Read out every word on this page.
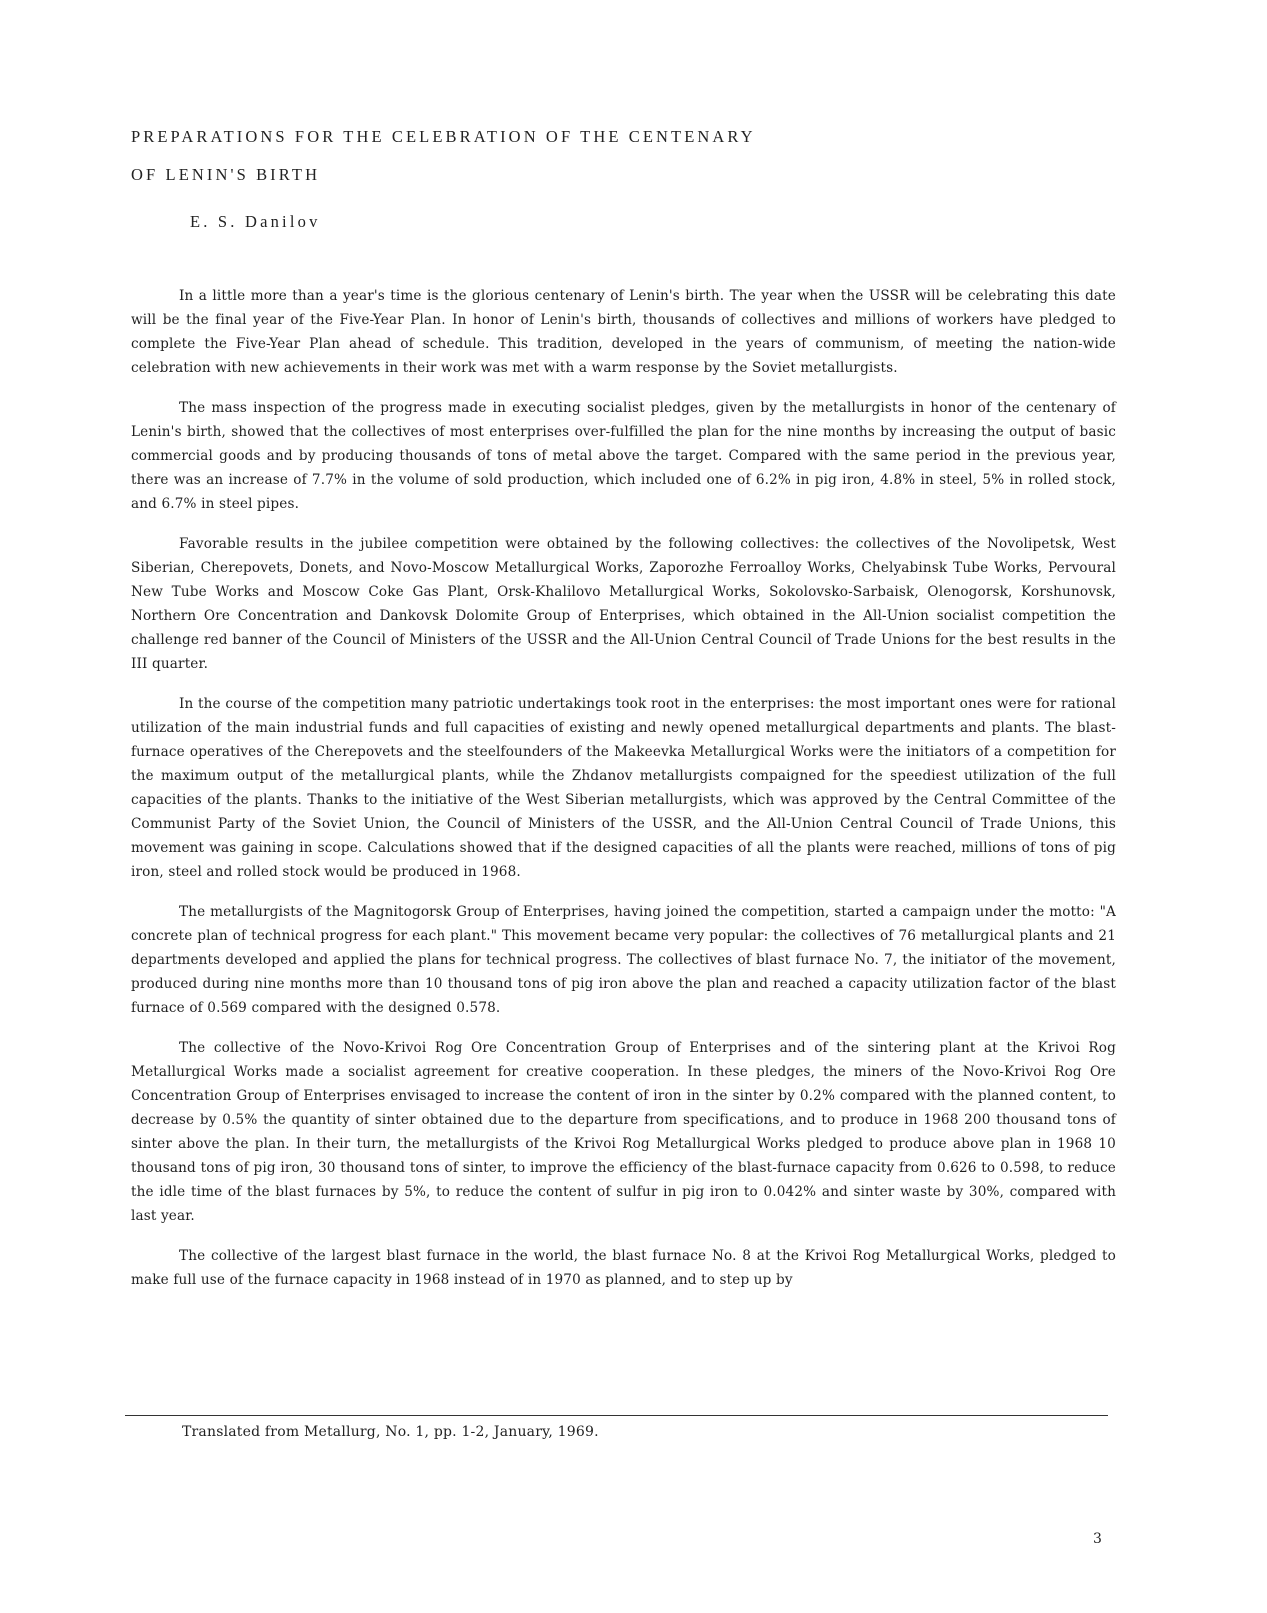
PREPARATIONS FOR THE CELEBRATION OF THE CENTENARY
OF LENIN'S BIRTH
E. S. Danilov

In a little more than a year's time is the glorious centenary of Lenin's birth. The year when the USSR will be celebrating this date will be the final year of the Five-Year Plan. In honor of Lenin's birth, thousands of collectives and millions of workers have pledged to complete the Five-Year Plan ahead of schedule. This tradition, developed in the years of communism, of meeting the nation-wide celebration with new achievements in their work was met with a warm response by the Soviet metallurgists.

The mass inspection of the progress made in executing socialist pledges, given by the metallurgists in honor of the centenary of Lenin's birth, showed that the collectives of most enterprises over-fulfilled the plan for the nine months by increasing the output of basic commercial goods and by producing thousands of tons of metal above the target. Compared with the same period in the previous year, there was an increase of 7.7% in the volume of sold production, which included one of 6.2% in pig iron, 4.8% in steel, 5% in rolled stock, and 6.7% in steel pipes.

Favorable results in the jubilee competition were obtained by the following collectives: the collectives of the Novolipetsk, West Siberian, Cherepovets, Donets, and Novo-Moscow Metallurgical Works, Zaporozhe Ferroalloy Works, Chelyabinsk Tube Works, Pervoural New Tube Works and Moscow Coke Gas Plant, Orsk-Khalilovo Metallurgical Works, Sokolovsko-Sarbaisk, Olenogorsk, Korshunovsk, Northern Ore Concentration and Dankovsk Dolomite Group of Enterprises, which obtained in the All-Union socialist competition the challenge red banner of the Council of Ministers of the USSR and the All-Union Central Council of Trade Unions for the best results in the III quarter.

In the course of the competition many patriotic undertakings took root in the enterprises: the most important ones were for rational utilization of the main industrial funds and full capacities of existing and newly opened metallurgical departments and plants. The blast-furnace operatives of the Cherepovets and the steelfounders of the Makeevka Metallurgical Works were the initiators of a competition for the maximum output of the metallurgical plants, while the Zhdanov metallurgists compaigned for the speediest utilization of the full capacities of the plants. Thanks to the initiative of the West Siberian metallurgists, which was approved by the Central Committee of the Communist Party of the Soviet Union, the Council of Ministers of the USSR, and the All-Union Central Council of Trade Unions, this movement was gaining in scope. Calculations showed that if the designed capacities of all the plants were reached, millions of tons of pig iron, steel and rolled stock would be produced in 1968.

The metallurgists of the Magnitogorsk Group of Enterprises, having joined the competition, started a campaign under the motto: "A concrete plan of technical progress for each plant." This movement became very popular: the collectives of 76 metallurgical plants and 21 departments developed and applied the plans for technical progress. The collectives of blast furnace No. 7, the initiator of the movement, produced during nine months more than 10 thousand tons of pig iron above the plan and reached a capacity utilization factor of the blast furnace of 0.569 compared with the designed 0.578.

The collective of the Novo-Krivoi Rog Ore Concentration Group of Enterprises and of the sintering plant at the Krivoi Rog Metallurgical Works made a socialist agreement for creative cooperation. In these pledges, the miners of the Novo-Krivoi Rog Ore Concentration Group of Enterprises envisaged to increase the content of iron in the sinter by 0.2% compared with the planned content, to decrease by 0.5% the quantity of sinter obtained due to the departure from specifications, and to produce in 1968 200 thousand tons of sinter above the plan. In their turn, the metallurgists of the Krivoi Rog Metallurgical Works pledged to produce above plan in 1968 10 thousand tons of pig iron, 30 thousand tons of sinter, to improve the efficiency of the blast-furnace capacity from 0.626 to 0.598, to reduce the idle time of the blast furnaces by 5%, to reduce the content of sulfur in pig iron to 0.042% and sinter waste by 30%, compared with last year.

The collective of the largest blast furnace in the world, the blast furnace No. 8 at the Krivoi Rog Metallurgical Works, pledged to make full use of the furnace capacity in 1968 instead of in 1970 as planned, and to step up by

Translated from Metallurg, No. 1, pp. 1-2, January, 1969.
3
